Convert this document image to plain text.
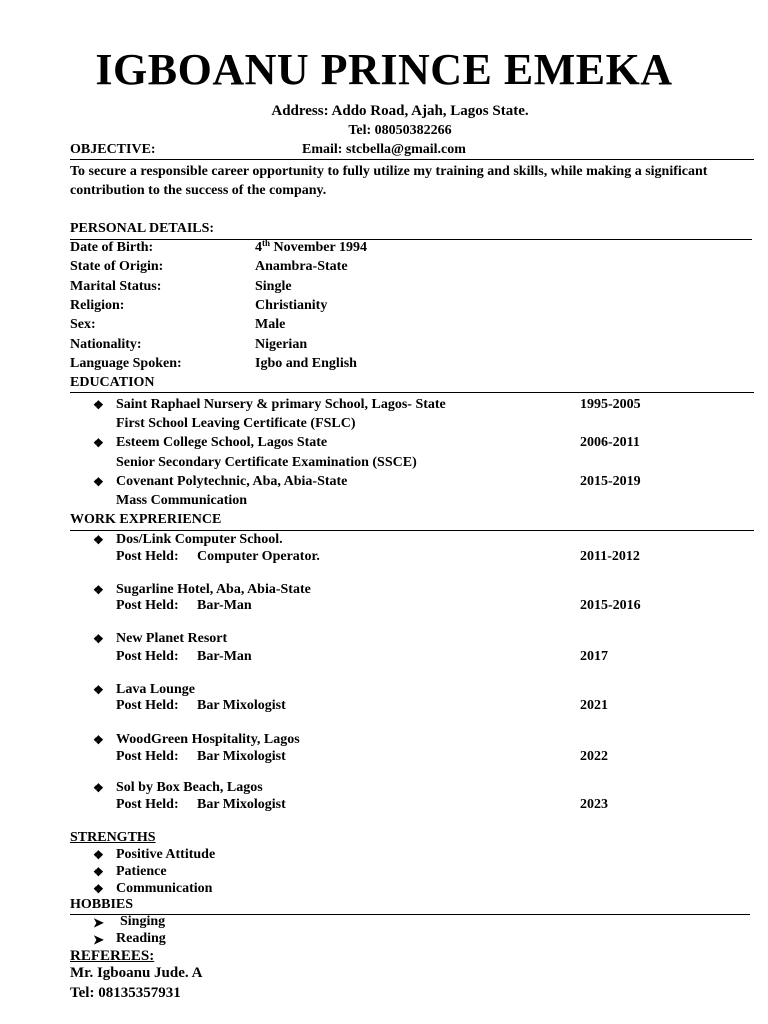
IGBOANU PRINCE EMEKA
Address: Addo Road, Ajah, Lagos State.
Tel: 08050382266
OBJECTIVE:	Email: stcbella@gmail.com
To secure a responsible career opportunity to fully utilize my training and skills, while making a significant contribution to the success of the company.
PERSONAL DETAILS:
Date of Birth:	4th November 1994
State of Origin:	Anambra-State
Marital Status:	Single
Religion:	Christianity
Sex:	Male
Nationality:	Nigerian
Language Spoken:	Igbo and English
EDUCATION
❖ Saint Raphael Nursery & primary School, Lagos- State	1995-2005
First School Leaving Certificate (FSLC)
❖ Esteem College School, Lagos State	2006-2011
Senior Secondary Certificate Examination (SSCE)
❖ Covenant Polytechnic, Aba, Abia-State	2015-2019
Mass Communication
WORK EXPRERIENCE
❖ Dos/Link Computer School.
Post Held: Computer Operator.	2011-2012
❖ Sugarline Hotel, Aba, Abia-State
Post Held: Bar-Man	2015-2016
❖ New Planet Resort
Post Held: Bar-Man	2017
❖ Lava Lounge
Post Held: Bar Mixologist	2021
❖ WoodGreen Hospitality, Lagos
Post Held: Bar Mixologist	2022
❖ Sol by Box Beach, Lagos
Post Held: Bar Mixologist	2023
STRENGTHS
❖ Positive Attitude
❖ Patience
❖ Communication
HOBBIES
➤ Singing
➤ Reading
REFEREES:
Mr. Igboanu Jude. A
Tel: 08135357931
